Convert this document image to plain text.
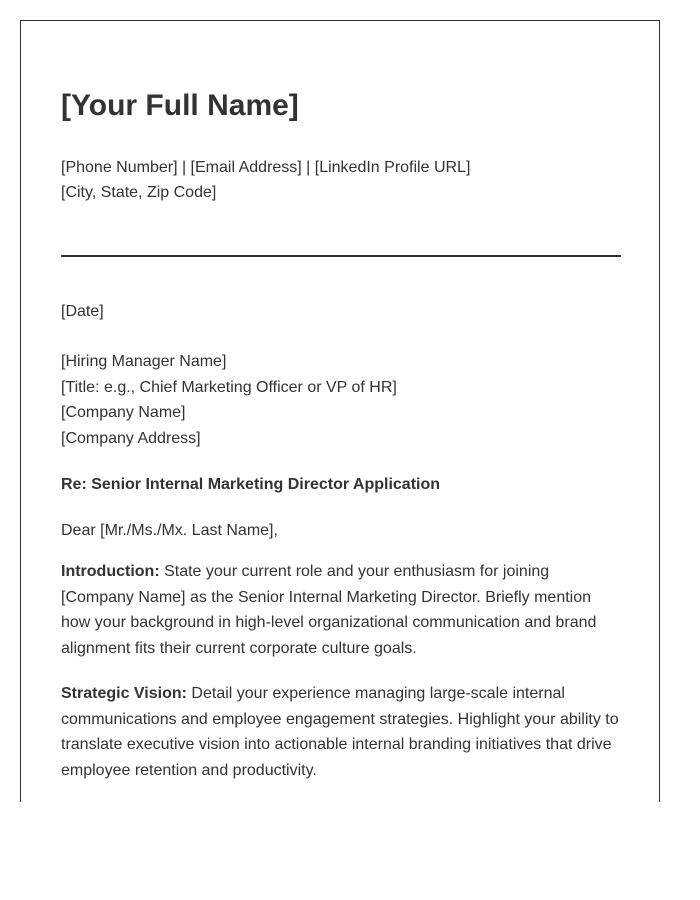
[Your Full Name]
[Phone Number] | [Email Address] | [LinkedIn Profile URL]
[City, State, Zip Code]
[Date]
[Hiring Manager Name]
[Title: e.g., Chief Marketing Officer or VP of HR]
[Company Name]
[Company Address]
Re: Senior Internal Marketing Director Application
Dear [Mr./Ms./Mx. Last Name],

Introduction: State your current role and your enthusiasm for joining
[Company Name] as the Senior Internal Marketing Director. Briefly mention
how your background in high-level organizational communication and brand
alignment fits their current corporate culture goals.

Strategic Vision: Detail your experience managing large-scale internal
communications and employee engagement strategies. Highlight your ability to
translate executive vision into actionable internal branding initiatives that drive
employee retention and productivity.
